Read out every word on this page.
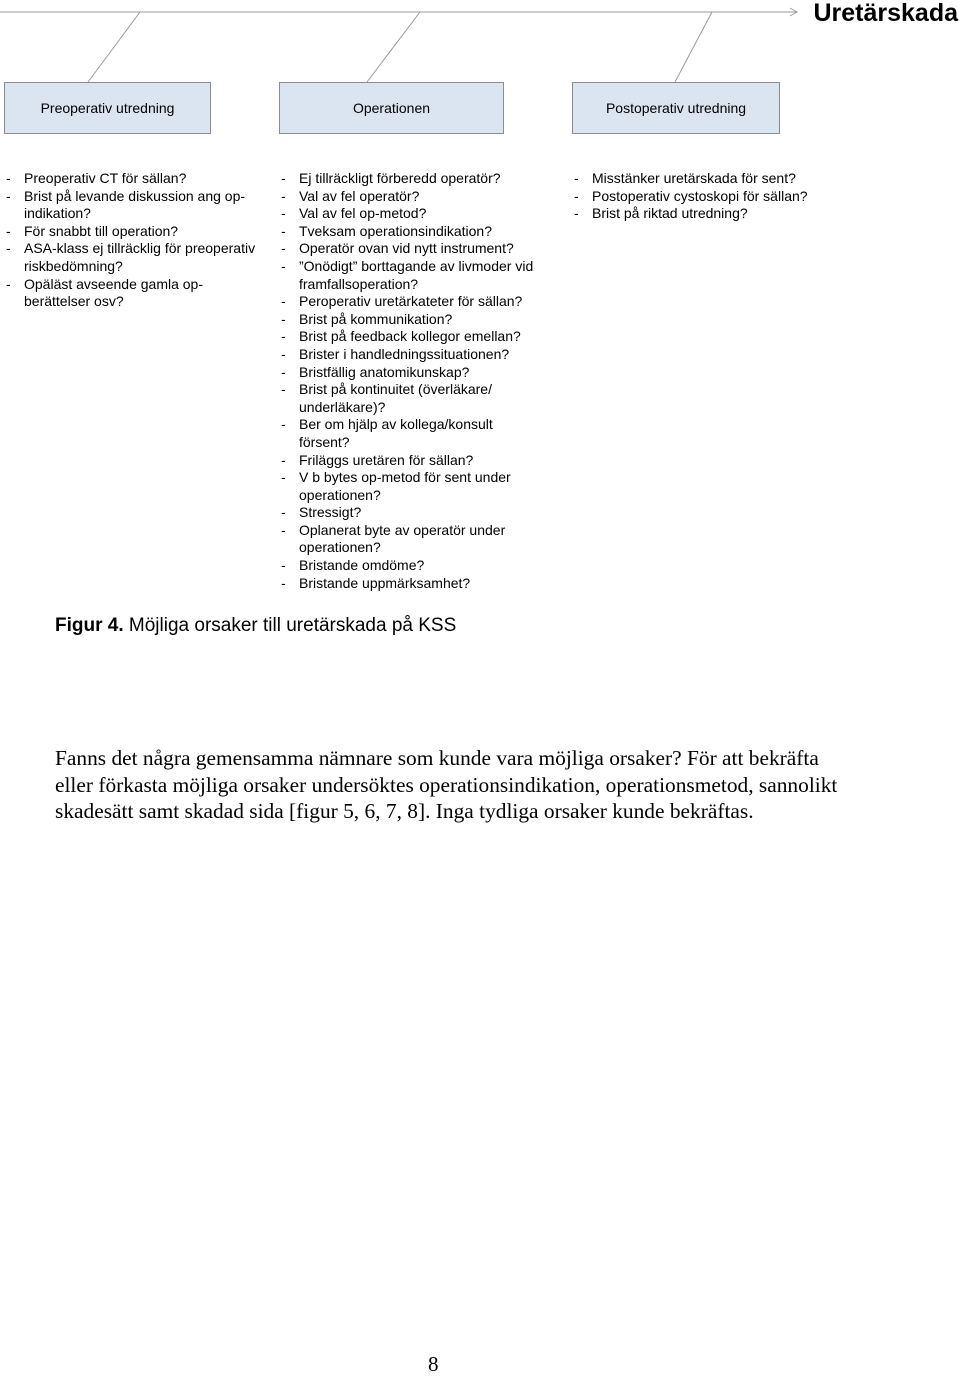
Uretärskada
Preoperativ utredning	Operationen	Postoperativ utredning
- Preoperativ CT för sällan?
- Brist på levande diskussion ang op-indikation?
- För snabbt till operation?
- ASA-klass ej tillräcklig för preoperativ riskbedömning?
- Opäläst avseende gamla op-berättelser osv?
- Ej tillräckligt förberedd operatör?
- Val av fel operatör?
- Val av fel op-metod?
- Tveksam operationsindikation?
- Operatör ovan vid nytt instrument?
- ”Onödigt” borttagande av livmoder vid framfallsoperation?
- Peroperativ uretärkateter för sällan?
- Brist på kommunikation?
- Brist på feedback kollegor emellan?
- Brister i handledningssituationen?
- Bristfällig anatomikunskap?
- Brist på kontinuitet (överläkare/ underläkare)?
- Ber om hjälp av kollega/konsult försent?
- Friläggs uretären för sällan?
- V b bytes op-metod för sent under operationen?
- Stressigt?
- Oplanerat byte av operatör under operationen?
- Bristande omdöme?
- Bristande uppmärksamhet?
- Misstänker uretärskada för sent?
- Postoperativ cystoskopi för sällan?
- Brist på riktad utredning?
Figur 4. Möjliga orsaker till uretärskada på KSS

Fanns det några gemensamma nämnare som kunde vara möjliga orsaker? För att bekräfta eller förkasta möjliga orsaker undersöktes operationsindikation, operationsmetod, sannolikt skadesätt samt skadad sida [figur 5, 6, 7, 8]. Inga tydliga orsaker kunde bekräftas.

8
